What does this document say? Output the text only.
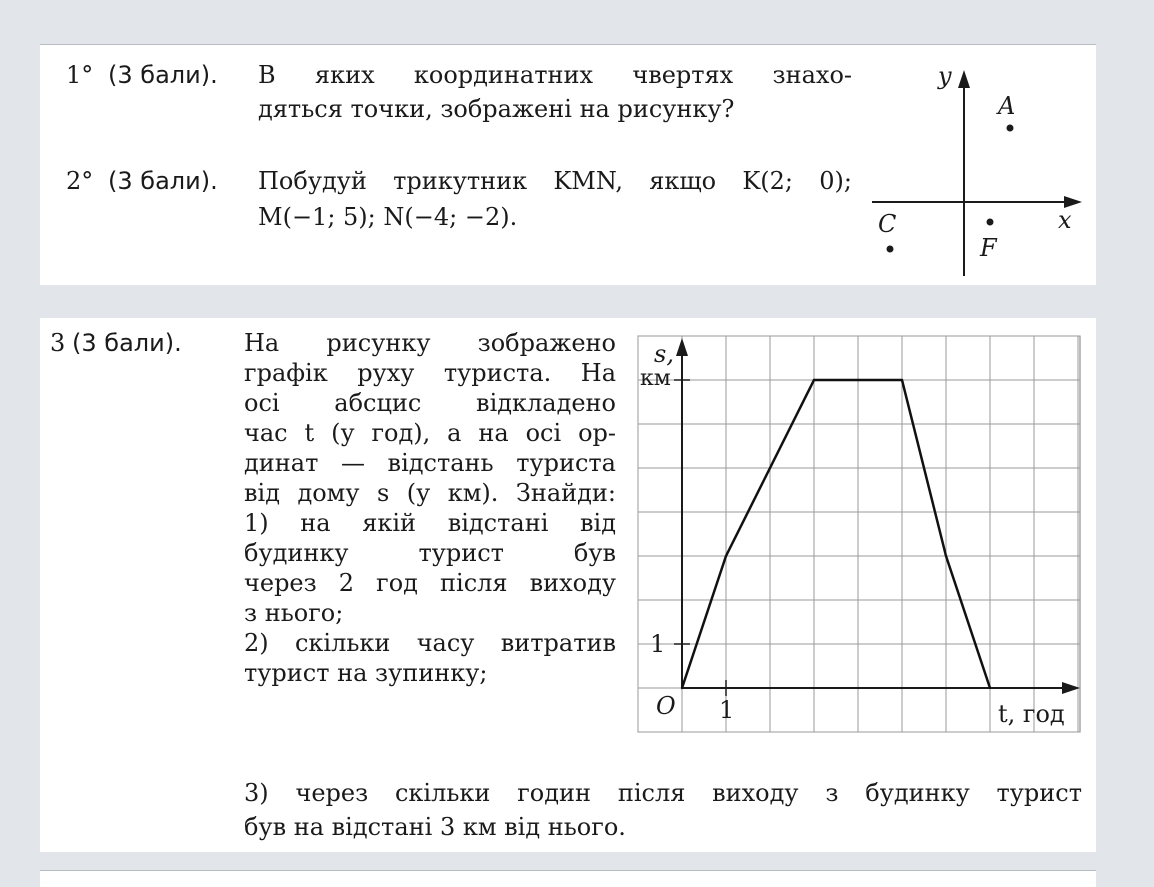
1° (3 бали). В якиx координатних чвертях знахо-
дяться точки, зображені на рисунку?
2° (3 бали). Побудуй трикутник KMN, якщо K(2; 0);
M(−1; 5); N(−4; −2).
y
x
A
C
F
3 (3 бали).	На рисунку зображено
графік руху туриста. На
осі абсцис відкладено
час t (у год), а на осі ор-
динат — відстань туриста
від дому s (у км). Знайди:
1) на якій відстані від
будинку турист був
через 2 год після виходу
з нього;
2) скільки часу витратив
турист на зупинку;
3) через скільки годин після виходу з будинку турист
був на відстані 3 км від нього.
s,
км
1
1
O	t, год
